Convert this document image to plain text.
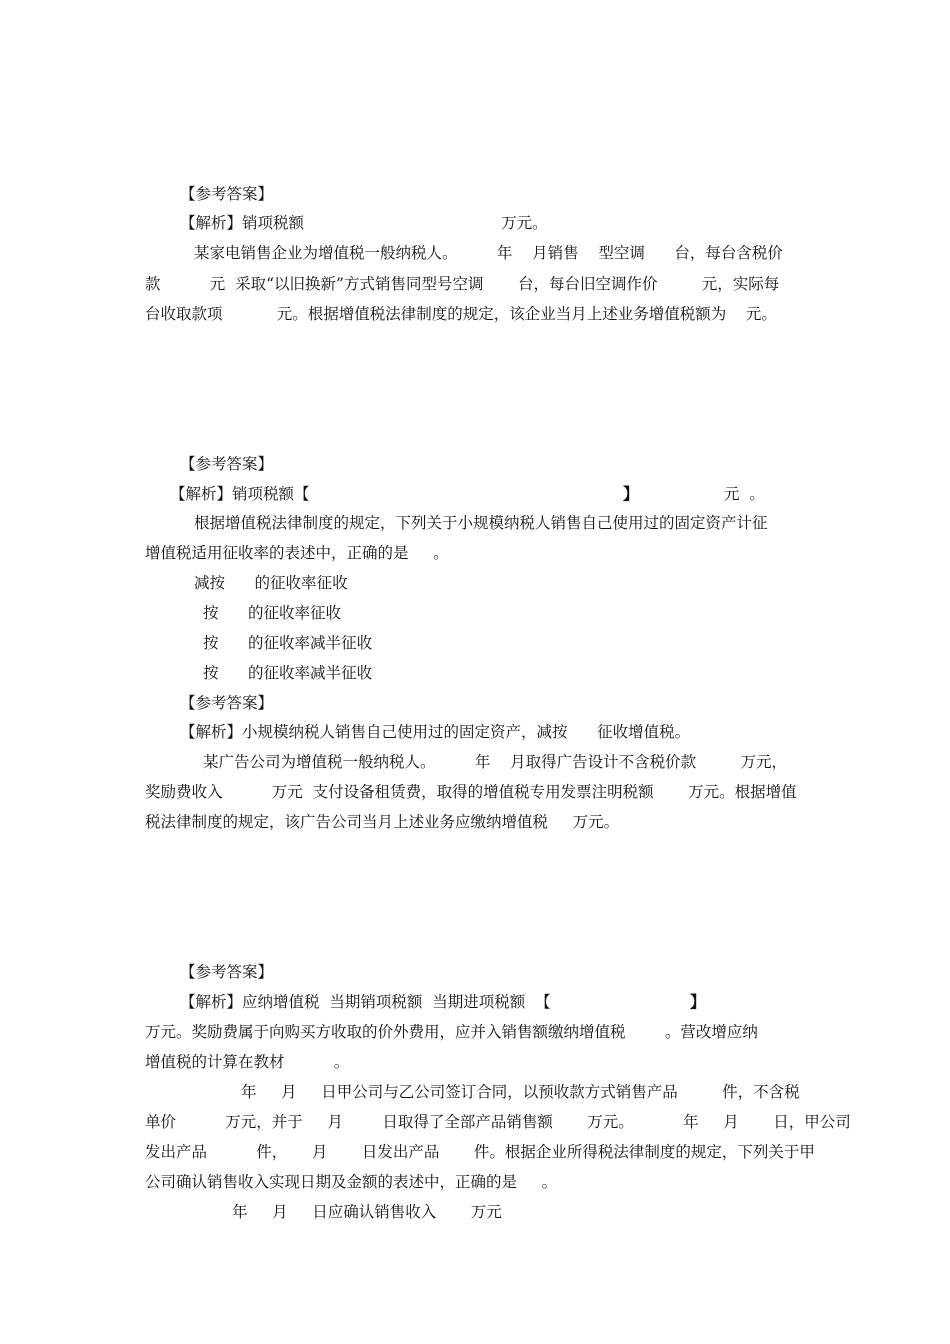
【参考答案】
【解析】销项税额                                        万元。
某家电销售企业为增值税一般纳税人。        年    月销售    型空调      台，每台含税价
款          元  采取“以旧换新”方式销售同型号空调       台，每台旧空调作价         元，实际每
台收取款项           元。根据增值税法律制度的规定，该企业当月上述业务增值税额为    元。
【参考答案】
【解析】销项税额【	】	元  。
根据增值税法律制度的规定，下列关于小规模纳税人销售自己使用过的固定资产计征
增值税适用征收率的表述中，正确的是     。
减按      的征收率征收
按      的征收率征收
按      的征收率减半征收
按      的征收率减半征收
【参考答案】
【解析】小规模纳税人销售自己使用过的固定资产，减按      征收增值税。
某广告公司为增值税一般纳税人。        年    月取得广告设计不含税价款         万元，
奖励费收入          万元  支付设备租赁费，取得的增值税专用发票注明税额       万元。根据增值
税法律制度的规定，该广告公司当月上述业务应缴纳增值税     万元。
【参考答案】
【解析】应纳增值税  当期销项税额  当期进项税额  【	】
万元。奖励费属于向购买方收取的价外费用，应并入销售额缴纳增值税        。营改增应纳
增值税的计算在教材          。
年     月     日甲公司与乙公司签订合同，以预收款方式销售产品         件，不含税
单价          万元，并于     月        日取得了全部产品销售额       万元。          年     月       日，甲公司
发出产品          件，     月       日发出产品       件。根据企业所得税法律制度的规定，下列关于甲
公司确认销售收入实现日期及金额的表述中，正确的是     。
年     月     日应确认销售收入       万元
